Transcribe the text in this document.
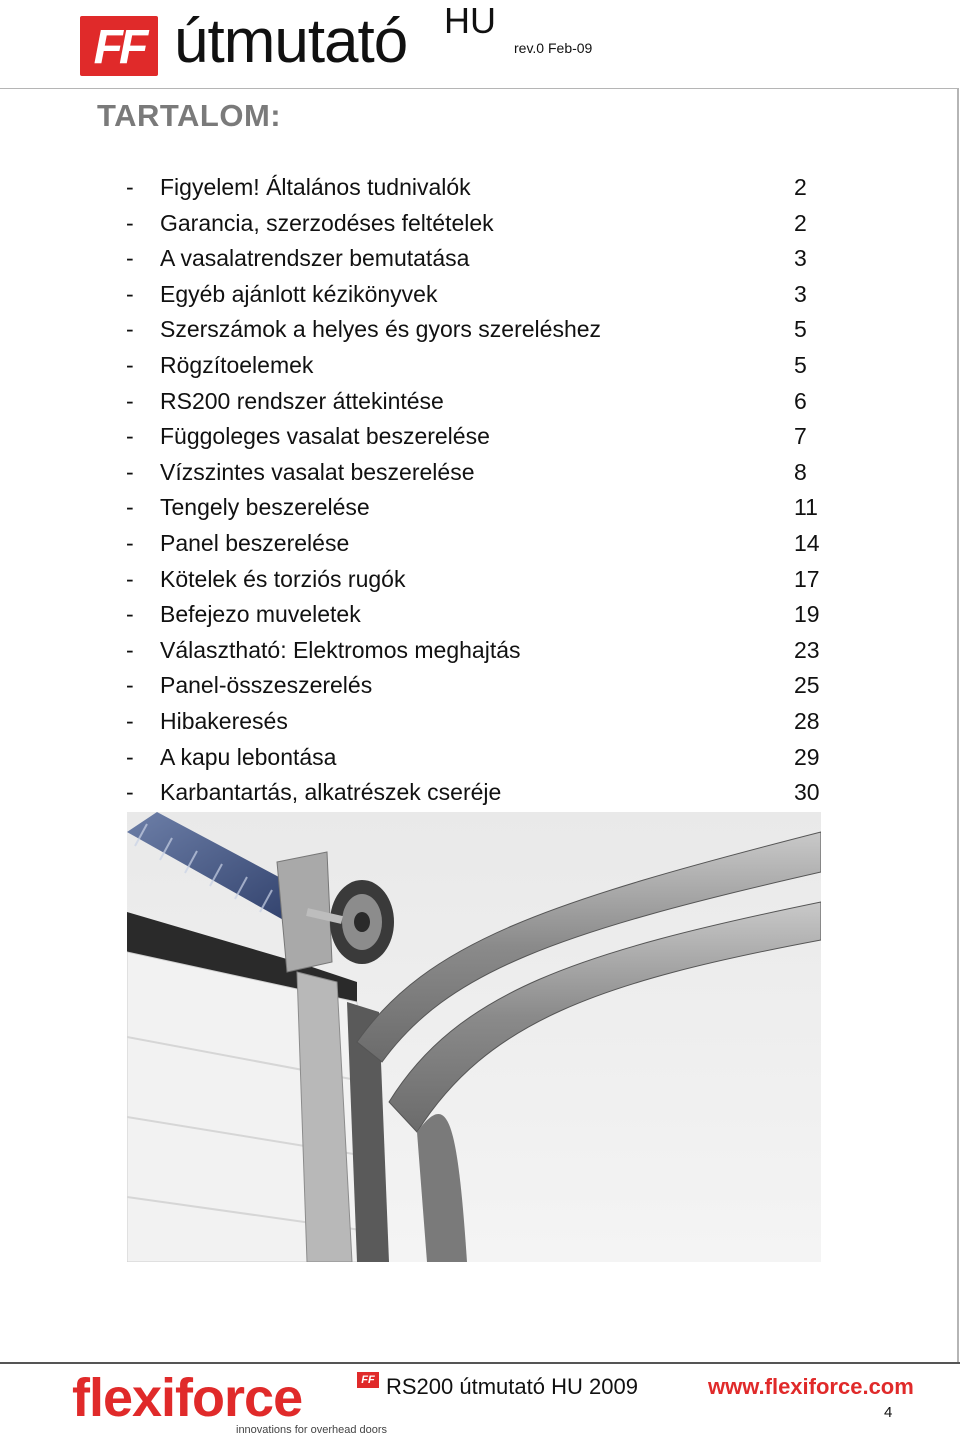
FF útmutató HU
rev.0 Feb-09
TARTALOM:
-	Figyelem! Általános tudnivalók	2
-	Garancia, szerzodéses feltételek	2
-	A vasalatrendszer bemutatása	3
-	Egyéb ajánlott kézikönyvek	3
-	Szerszámok a helyes és gyors szereléshez	5
-	Rögzítoelemek	5
-	RS200 rendszer áttekintése	6
-	Függoleges vasalat beszerelése	7
-	Vízszintes vasalat beszerelése	8
-	Tengely beszerelése	11
-	Panel beszerelése	14
-	Kötelek és torziós rugók	17
-	Befejezo muveletek	19
-	Választható: Elektromos meghajtás	23
-	Panel-összeszerelés	25
-	Hibakeresés	28
-	A kapu lebontása	29
-	Karbantartás, alkatrészek cseréje	30
flexiforce	FF
innovations for overhead doors
RS200 útmutató HU 2009	www.flexiforce.com
4
